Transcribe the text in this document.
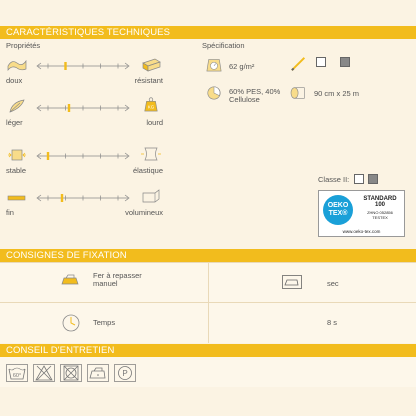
CARACTÉRISTIQUES TECHNIQUES
Propriétés	Spécification
doux	résistant
léger	lourd
stable	élastique
fin	volumineux
KG
62 g/m²
60% PES, 40% Cellulose
90 cm x 25 m
Classe II:
OEKO
TEX®
STANDARD
100
ZHNO 052856
TESTEX
www.oeko-tex.com
CONSIGNES DE FIXATION
Fer à repasser manuel	sec
Temps	8 s
CONSEIL D'ENTRETIEN
60°	P
